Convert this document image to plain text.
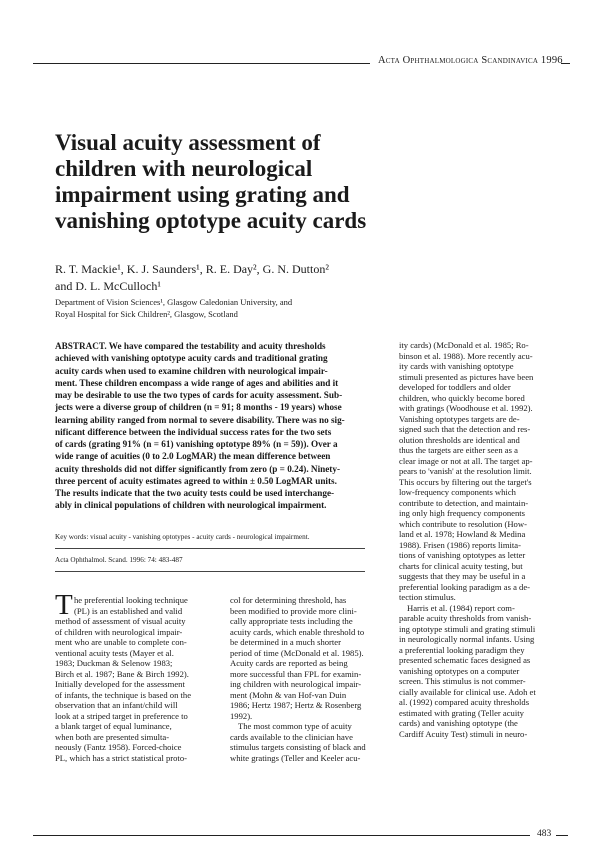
Acta Ophthalmologica Scandinavica 1996
Visual acuity assessment of
children with neurological
impairment using grating and
vanishing optotype acuity cards
R. T. Mackie¹, K. J. Saunders¹, R. E. Day², G. N. Dutton²
and D. L. McCulloch¹
Department of Vision Sciences¹, Glasgow Caledonian University, and
Royal Hospital for Sick Children², Glasgow, Scotland
ABSTRACT. We have compared the testability and acuity thresholds
achieved with vanishing optotype acuity cards and traditional grating
acuity cards when used to examine children with neurological impair-
ment. These children encompass a wide range of ages and abilities and it
may be desirable to use the two types of cards for acuity assessment. Sub-
jects were a diverse group of children (n = 91; 8 months - 19 years) whose
learning ability ranged from normal to severe disability. There was no sig-
nificant difference between the individual success rates for the two sets
of cards (grating 91% (n = 61) vanishing optotype 89% (n = 59)). Over a
wide range of acuities (0 to 2.0 LogMAR) the mean difference between
acuity thresholds did not differ significantly from zero (p = 0.24). Ninety-
three percent of acuity estimates agreed to within ± 0.50 LogMAR units.
The results indicate that the two acuity tests could be used interchange-
ably in clinical populations of children with neurological impairment.
Key words: visual acuity - vanishing optotypes - acuity cards - neurological impairment.
Acta Ophthalmol. Scand. 1996: 74: 483-487
T he preferential looking technique
(PL) is an established and valid
method of assessment of visual acuity
of children with neurological impair-
ment who are unable to complete con-
ventional acuity tests (Mayer et al.
1983; Duckman & Selenow 1983;
Birch et al. 1987; Bane & Birch 1992).
Initially developed for the assessment
of infants, the technique is based on the
observation that an infant/child will
look at a striped target in preference to
a blank target of equal luminance,
when both are presented simulta-
neously (Fantz 1958). Forced-choice
PL, which has a strict statistical proto-
col for determining threshold, has
been modified to provide more clini-
cally appropriate tests including the
acuity cards, which enable threshold to
be determined in a much shorter
period of time (McDonald et al. 1985).
Acuity cards are reported as being
more successful than FPL for examin-
ing children with neurological impair-
ment (Mohn & van Hof-van Duin
1986; Hertz 1987; Hertz & Rosenberg
1992).
The most common type of acuity
cards available to the clinician have
stimulus targets consisting of black and
white gratings (Teller and Keeler acu-
ity cards) (McDonald et al. 1985; Ro-
binson et al. 1988). More recently acu-
ity cards with vanishing optotype
stimuli presented as pictures have been
developed for toddlers and older
children, who quickly become bored
with gratings (Woodhouse et al. 1992).
Vanishing optotypes targets are de-
signed such that the detection and res-
olution thresholds are identical and
thus the targets are either seen as a
clear image or not at all. The target ap-
pears to 'vanish' at the resolution limit.
This occurs by filtering out the target's
low-frequency components which
contribute to detection, and maintain-
ing only high frequency components
which contribute to resolution (How-
land et al. 1978; Howland & Medina
1988). Frisen (1986) reports limita-
tions of vanishing optotypes as letter
charts for clinical acuity testing, but
suggests that they may be useful in a
preferential looking paradigm as a de-
tection stimulus.
Harris et al. (1984) report com-
parable acuity thresholds from vanish-
ing optotype stimuli and grating stimuli
in neurologically normal infants. Using
a preferential looking paradigm they
presented schematic faces designed as
vanishing optotypes on a computer
screen. This stimulus is not commer-
cially available for clinical use. Adoh et
al. (1992) compared acuity thresholds
estimated with grating (Teller acuity
cards) and vanishing optotype (the
Cardiff Acuity Test) stimuli in neuro-
483
